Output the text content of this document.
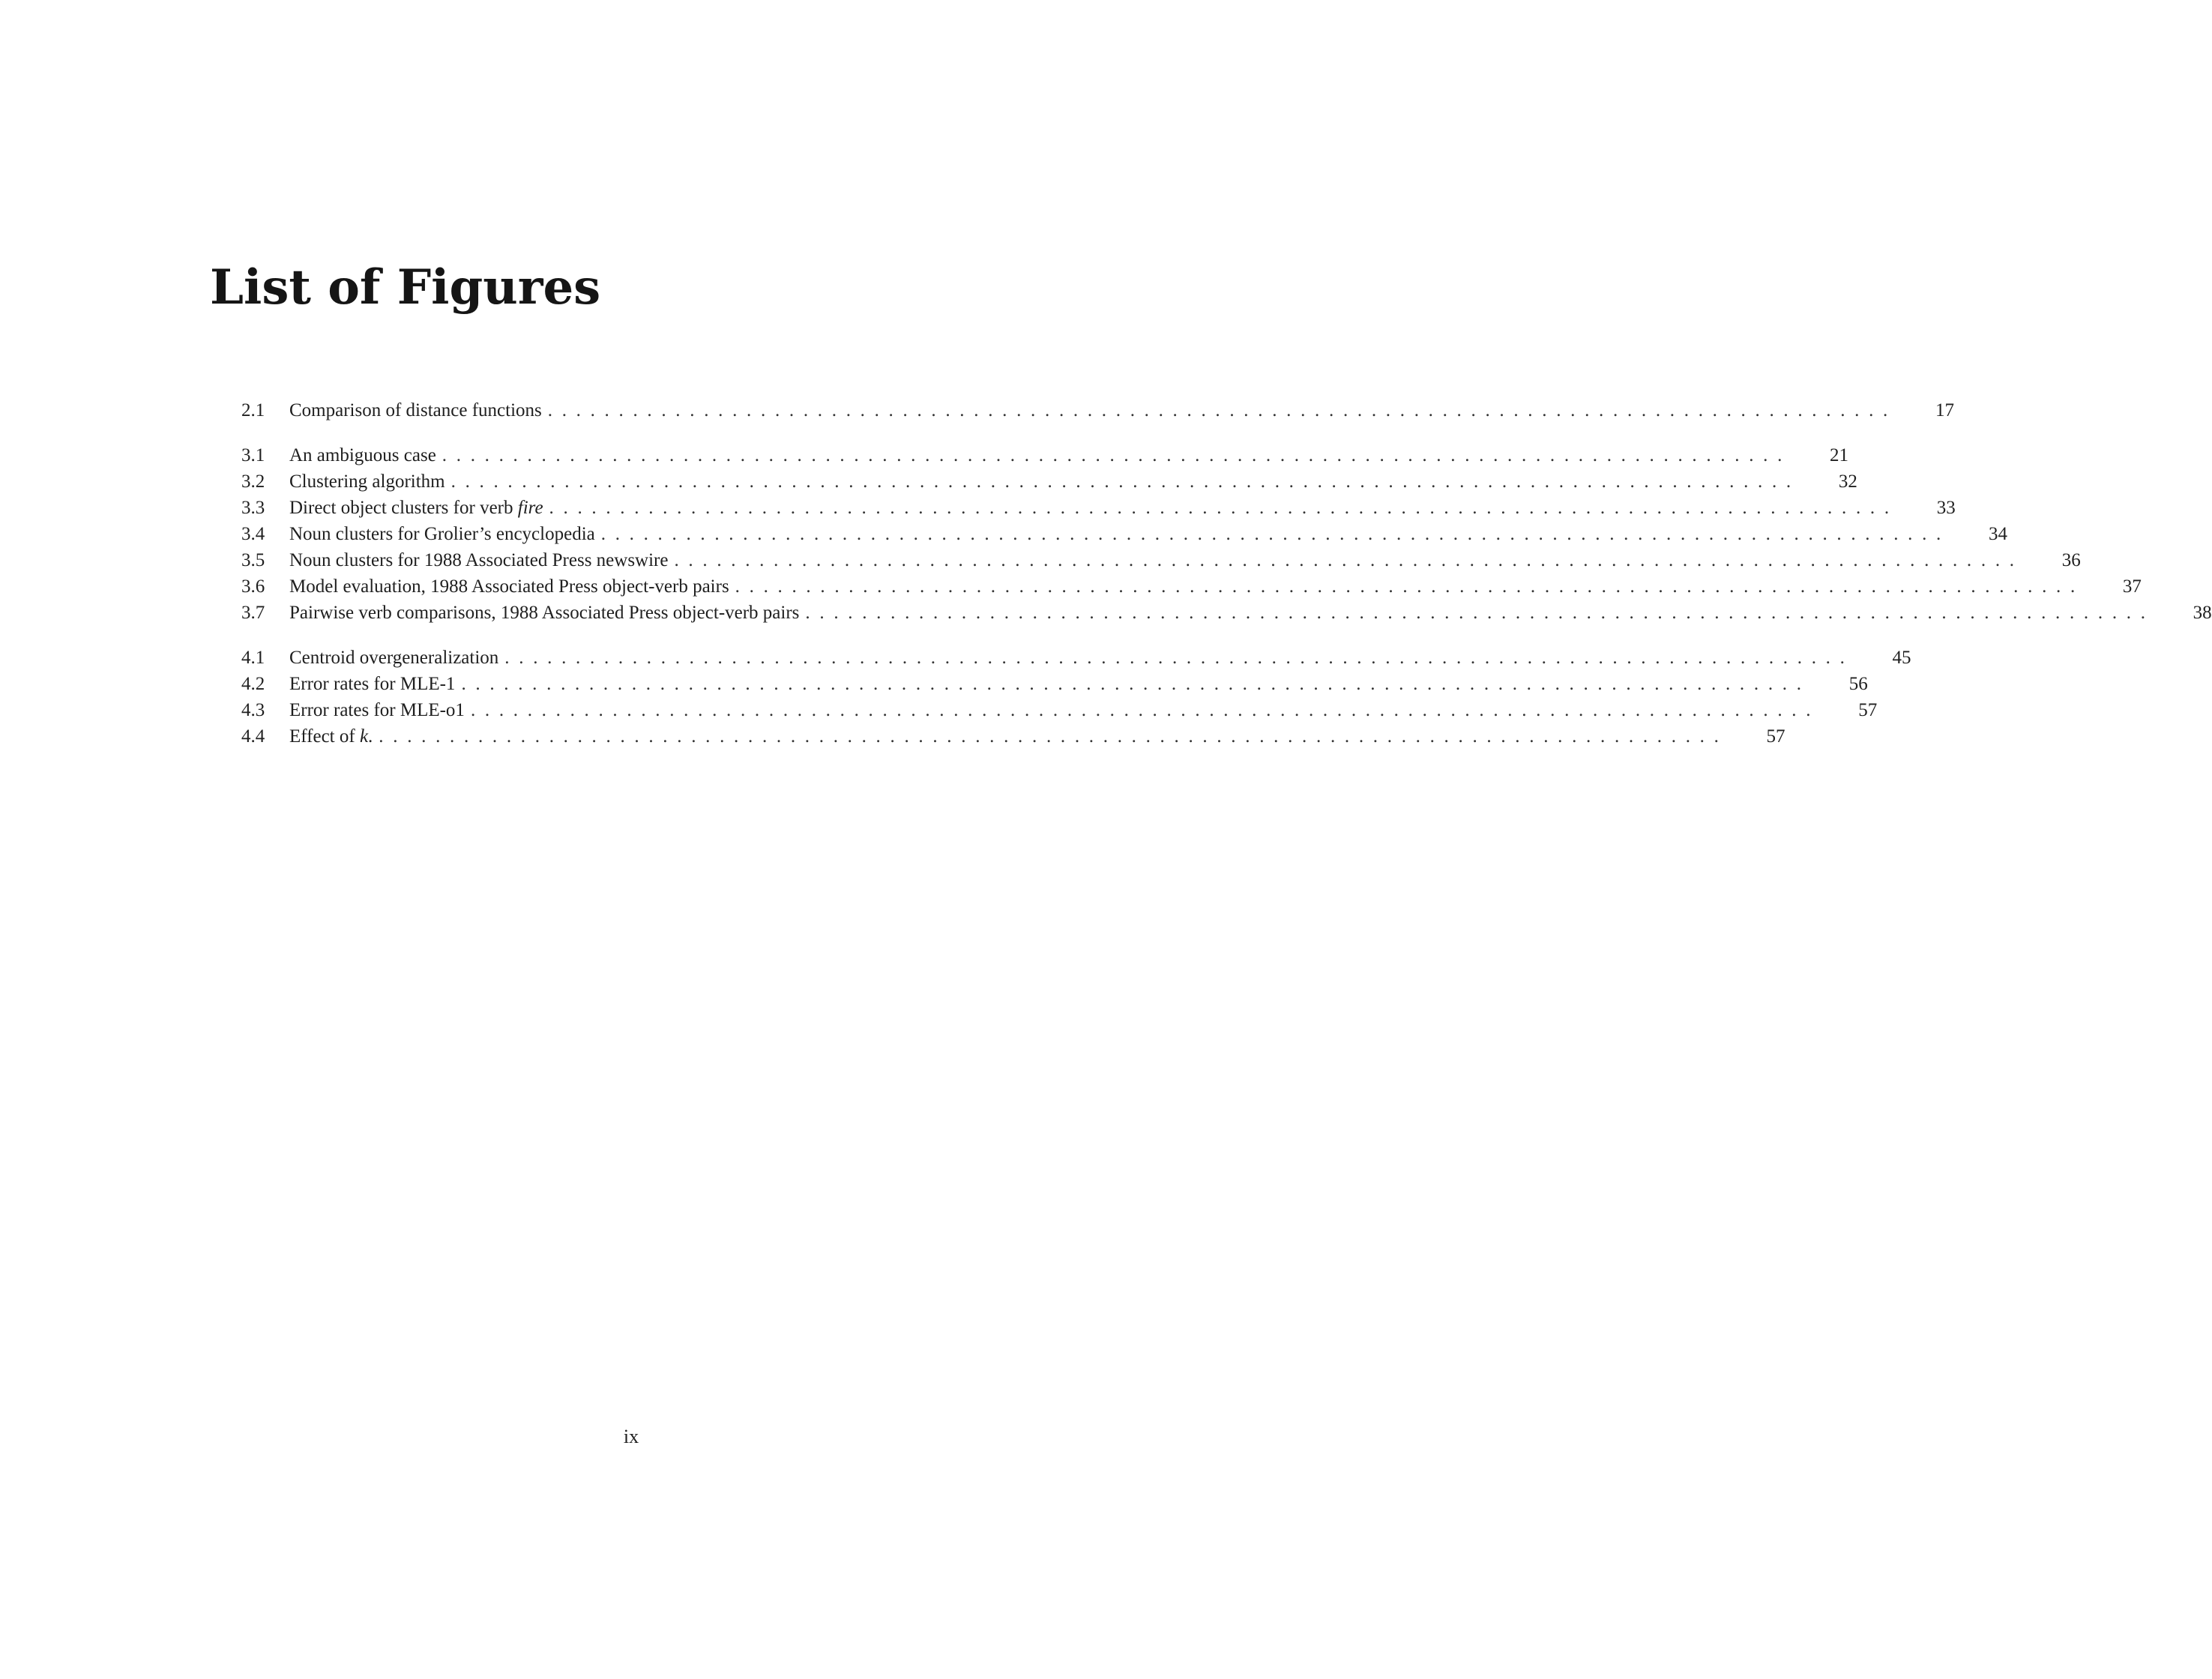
List of Figures
2.1	Comparison of distance functions ...............................................................................................	17
3.1	An ambiguous case ...............................................................................................	21
3.2	Clustering algorithm ...............................................................................................	32
3.3	Direct object clusters for verb fire ...............................................................................................	33
3.4	Noun clusters for Grolier’s encyclopedia ...............................................................................................	34
3.5	Noun clusters for 1988 Associated Press newswire ...............................................................................................	36
3.6	Model evaluation, 1988 Associated Press object-verb pairs ...............................................................................................	37
3.7	Pairwise verb comparisons, 1988 Associated Press object-verb pairs ...............................................................................................	38
4.1	Centroid overgeneralization ...............................................................................................	45
4.2	Error rates for MLE-1 ...............................................................................................	56
4.3	Error rates for MLE-o1 ...............................................................................................	57
4.4	Effect of k. ...............................................................................................	57
ix
